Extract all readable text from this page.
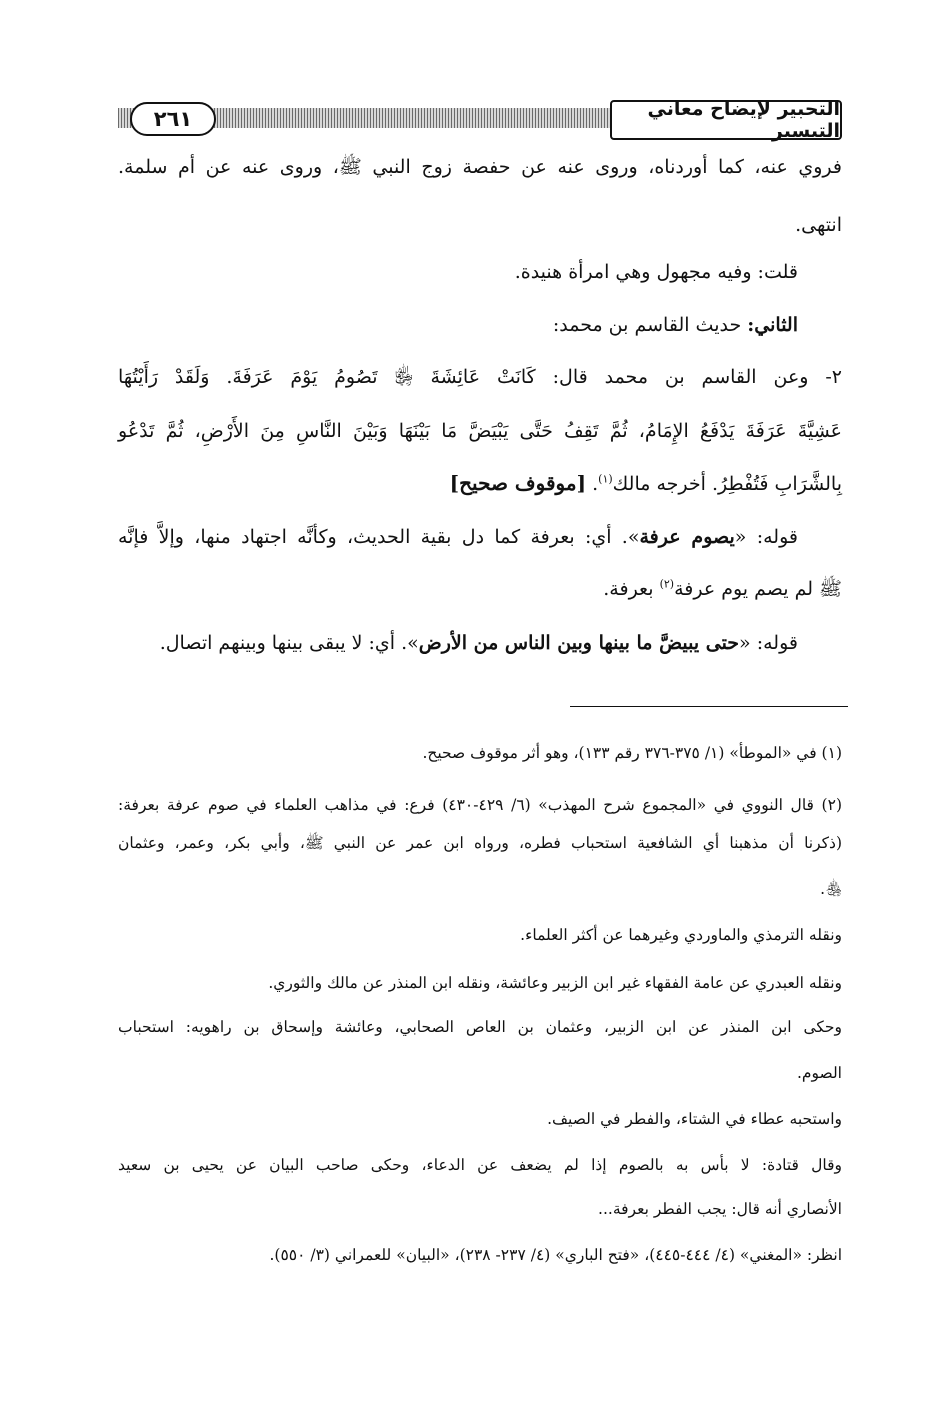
التحبير لإيضاح معاني التيسير
٢٦١
فروي عنه، كما أوردناه، وروى عنه عن حفصة زوج النبي ﷺ، وروى عنه عن أم سلمة.
انتهى.
قلت: وفيه مجهول وهي امرأة هنيدة.
الثاني: حديث القاسم بن محمد:
٢- وعن القاسم بن محمد قال: كَانَتْ عَائِشَةَ ﵂ تَصُومُ يَوْمَ عَرَفَةَ. وَلَقَدْ رَأَيْتُهَا
عَشِيَّةَ عَرَفَةَ يَدْفَعُ الإِمَامُ، ثُمَّ تَقِفُ حَتَّى يَبْيَضَّ مَا بَيْنَهَا وَبَيْنَ النَّاسِ مِنَ الأَرْضِ، ثُمَّ تَدْعُو
بِالشَّرَابِ فَتُفْطِرُ. أخرجه مالك$^{(١)}$. [موقوف صحيح]
قوله: «يصوم عرفة». أي: بعرفة كما دل بقية الحديث، وكأنَّه اجتهاد منها، وإلاَّ فإنَّه
ﷺ لم يصم يوم عرفة$^{(٢)}$ بعرفة.
قوله: «حتى يبيضَّ ما بينها وبين الناس من الأرض». أي: لا يبقى بينها وبينهم اتصال.
(١) في «الموطأ» (١/ ٣٧٥-٣٧٦ رقم ١٣٣)، وهو أثر موقوف صحيح.
(٢) قال النووي في «المجموع شرح المهذب» (٦/ ٤٢٩-٤٣٠) فرع: في مذاهب العلماء في صوم عرفة بعرفة:
(ذكرنا أن مذهبنا أي الشافعية استحباب فطره، ورواه ابن عمر عن النبي ﷺ، وأبي بكر، وعمر، وعثمان
﵃.
ونقله الترمذي والماوردي وغيرهما عن أكثر العلماء.
ونقله العبدري عن عامة الفقهاء غير ابن الزبير وعائشة، ونقله ابن المنذر عن مالك والثوري.
وحكى ابن المنذر عن ابن الزبير، وعثمان بن العاص الصحابي، وعائشة وإسحاق بن راهويه: استحباب
الصوم.
واستحبه عطاء في الشتاء، والفطر في الصيف.
وقال قتادة: لا بأس به بالصوم إذا لم يضعف عن الدعاء، وحكى صاحب البيان عن يحيى بن سعيد
الأنصاري أنه قال: يجب الفطر بعرفة...
انظر: «المغني» (٤/ ٤٤٤-٤٤٥)، «فتح الباري» (٤/ ٢٣٧- ٢٣٨)، «البيان» للعمراني (٣/ ٥٥٠).
